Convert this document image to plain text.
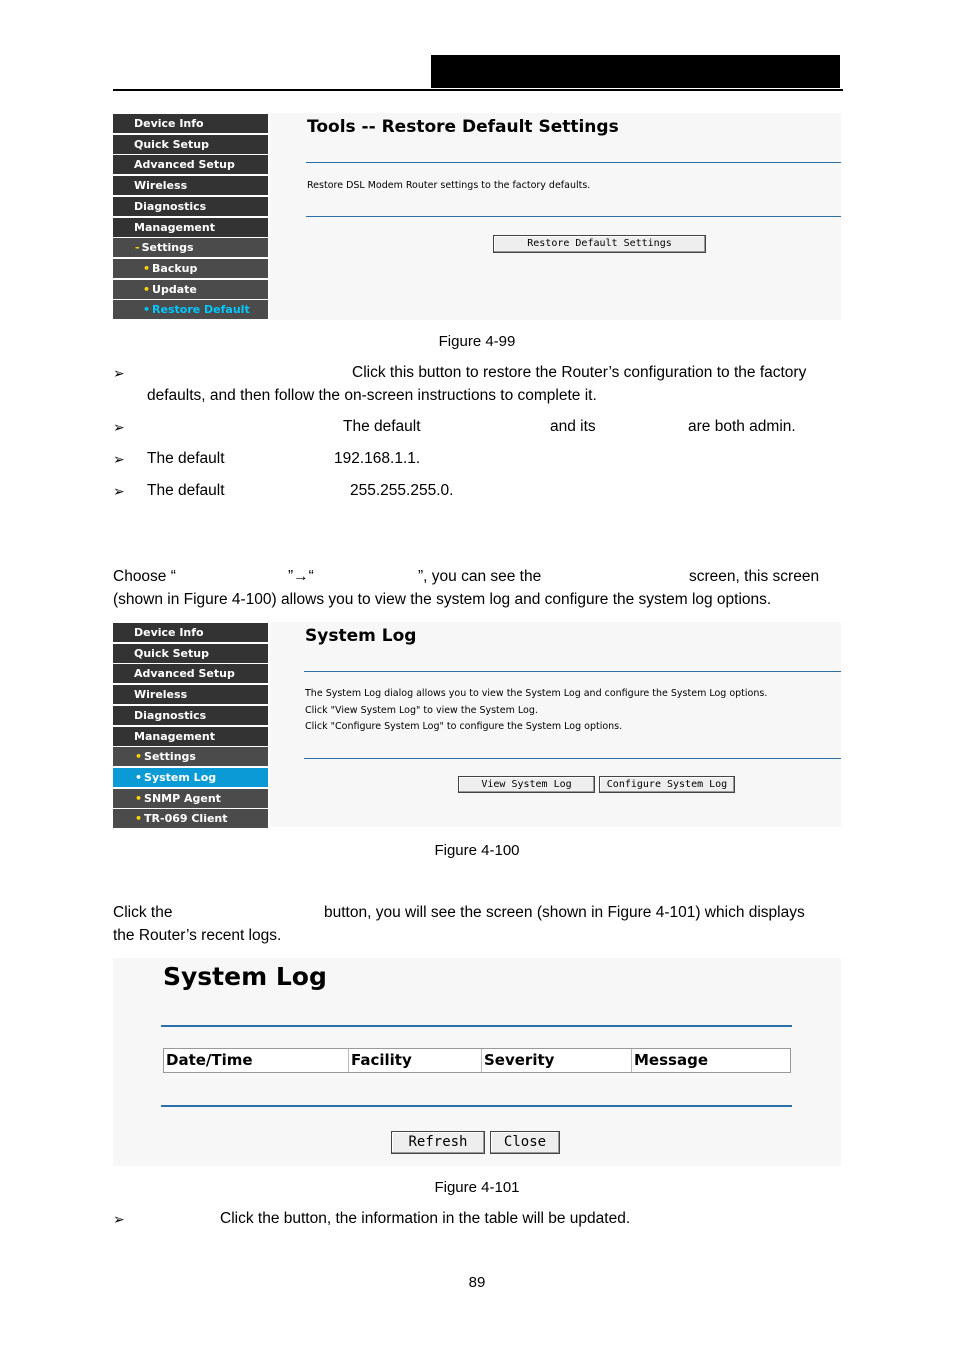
Device Info
Quick Setup
Advanced Setup
Wireless
Diagnostics
Management
- Settings
• Backup
• Update
• Restore Default
Tools -- Restore Default Settings
Restore DSL Modem Router settings to the factory defaults.
Restore Default Settings
Figure 4-99
➢	Click this button to restore the Router’s configuration to the factory
defaults, and then follow the on-screen instructions to complete it.
➢	The default	and its	are both admin.
➢ The default	192.168.1.1.
➢ The default	255.255.255.0.
Choose “	”→“	”, you can see the	screen, this screen
(shown in Figure 4-100) allows you to view the system log and configure the system log options.
Device Info
Quick Setup
Advanced Setup
Wireless
Diagnostics
Management
• Settings
• System Log
• SNMP Agent
• TR-069 Client
System Log
The System Log dialog allows you to view the System Log and configure the System Log options.
Click "View System Log" to view the System Log.
Click "Configure System Log" to configure the System Log options.
View System Log	Configure System Log
Figure 4-100
Click the	button, you will see the screen (shown in Figure 4-101) which displays
the Router’s recent logs.
System Log
Date/Time	Facility	Severity	Message
Refresh	Close
Figure 4-101
➢	Click the button, the information in the table will be updated.
89
